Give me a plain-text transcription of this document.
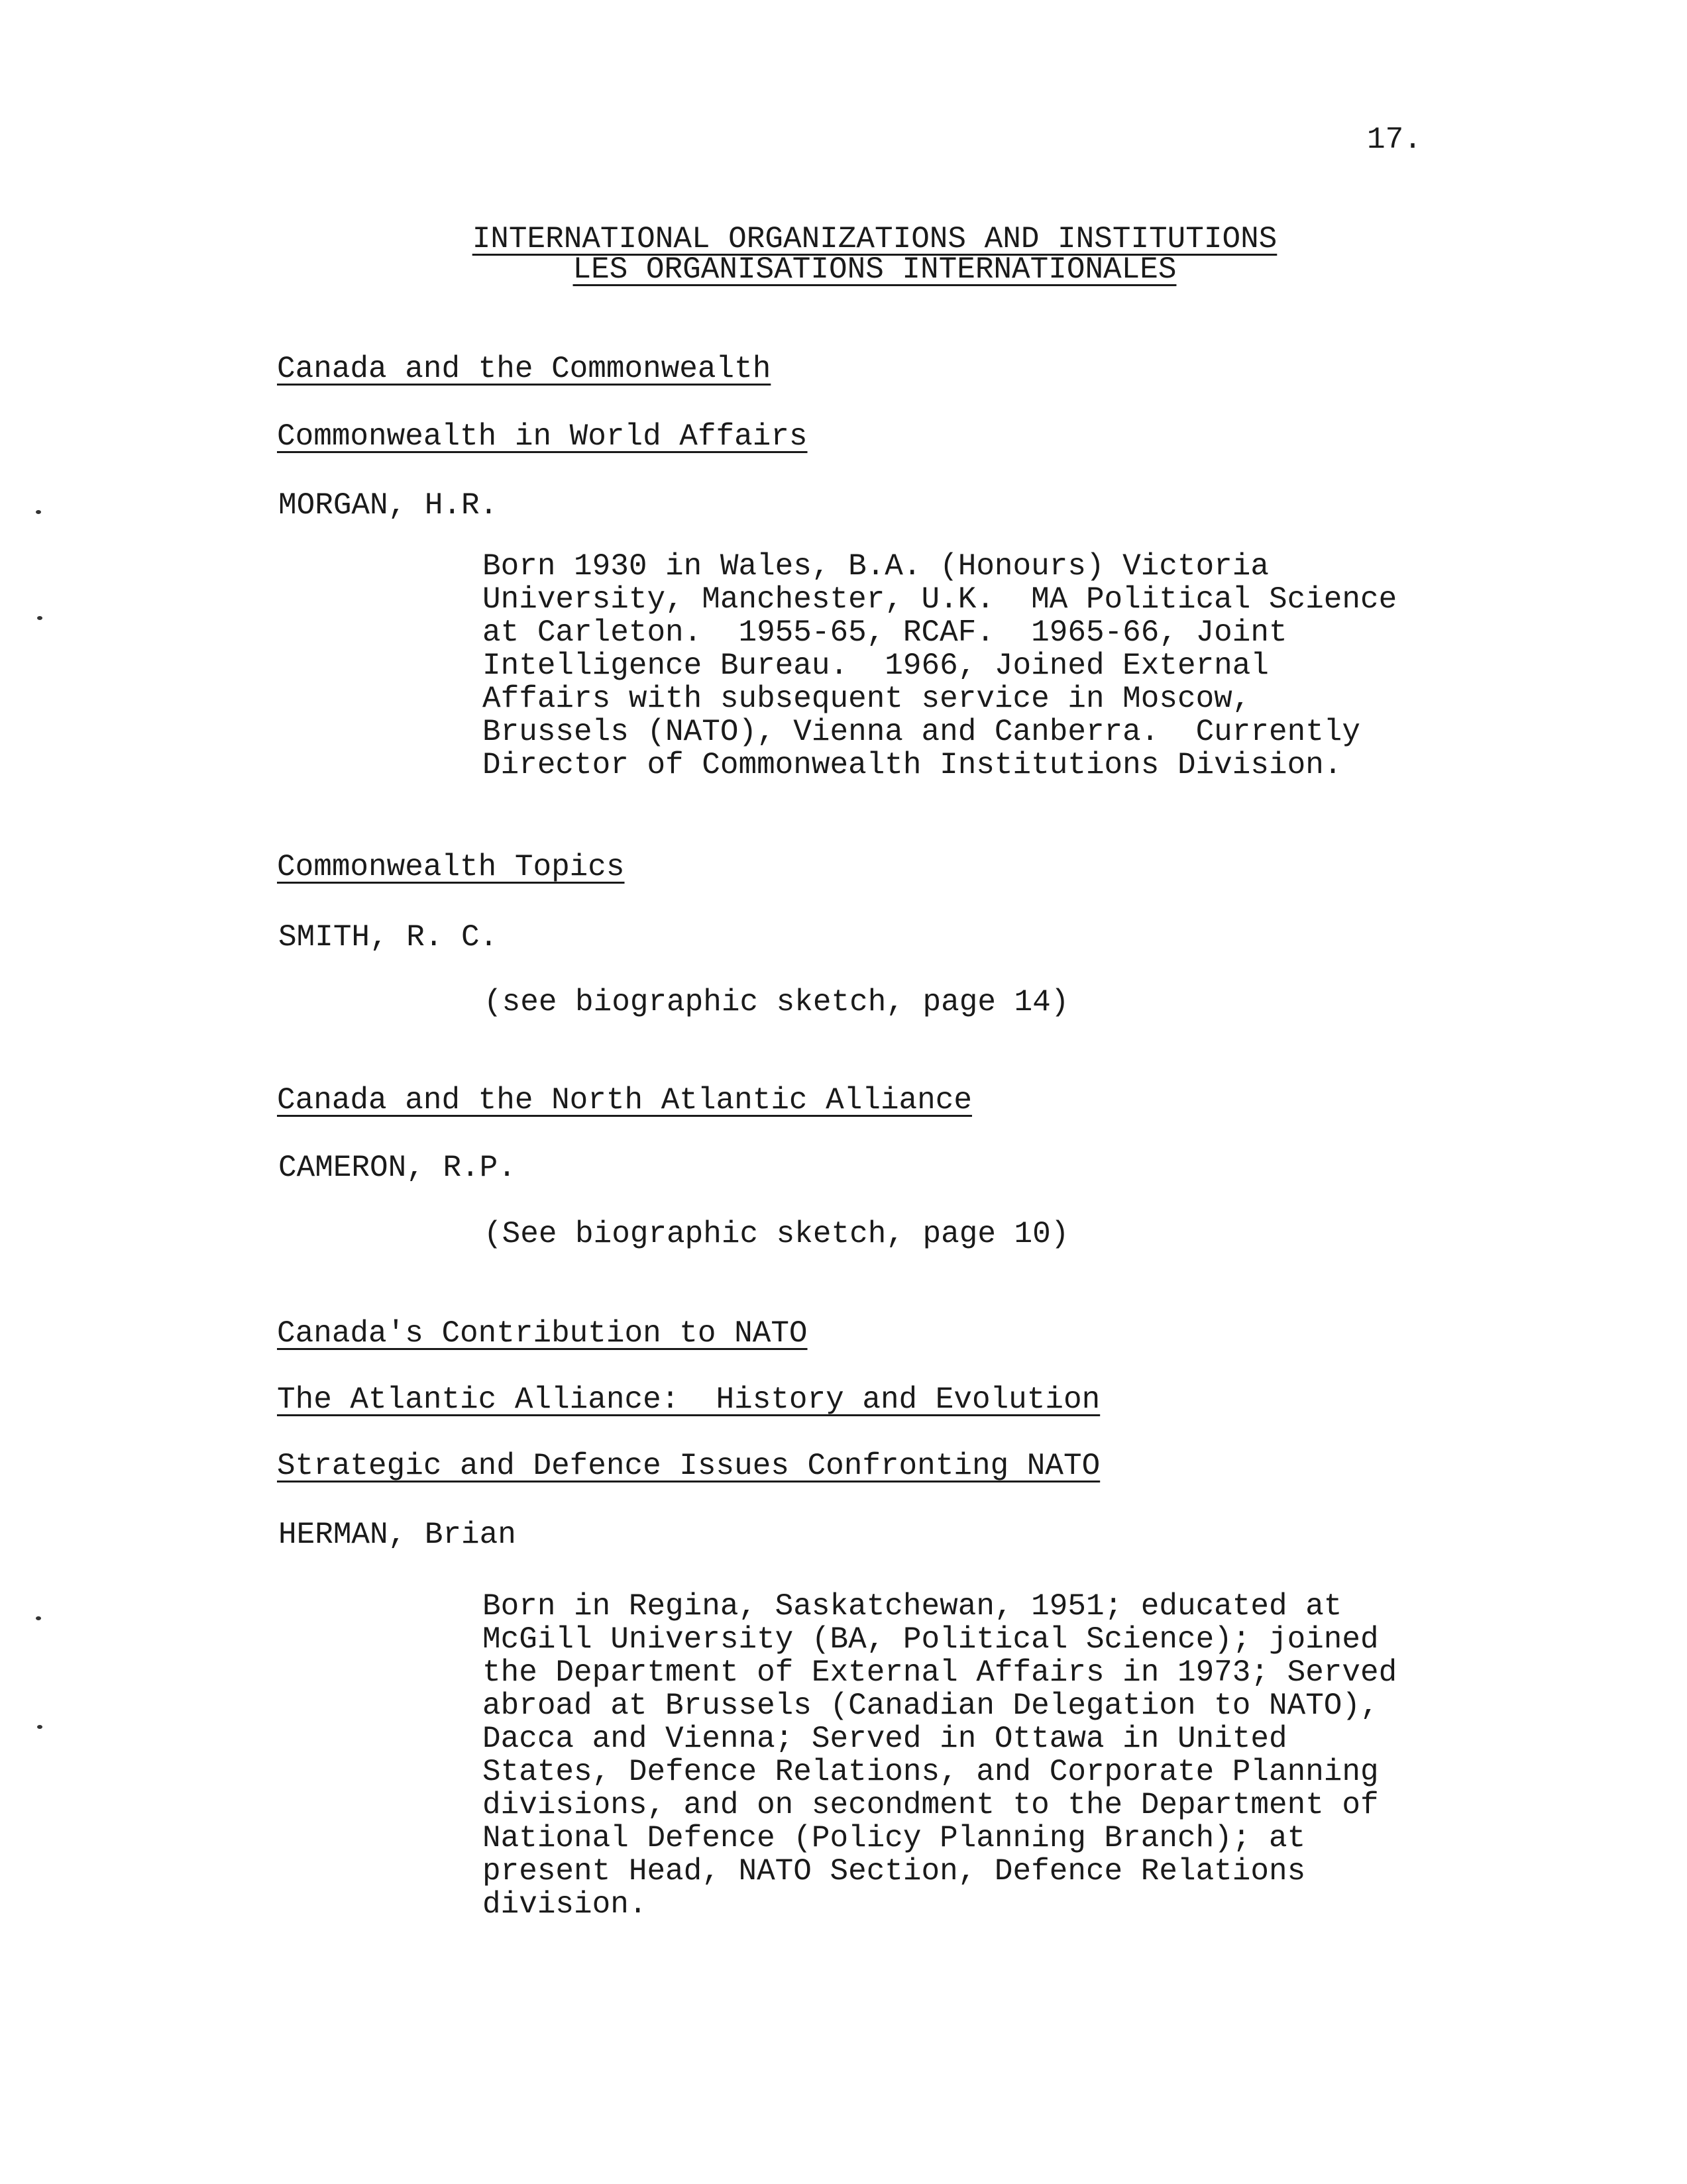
17.
INTERNATIONAL ORGANIZATIONS AND INSTITUTIONS
LES ORGANISATIONS INTERNATIONALES
Canada and the Commonwealth
Commonwealth in World Affairs
MORGAN, H.R.

Born 1930 in Wales, B.A. (Honours) Victoria

University, Manchester, U.K.  MA Political Science

at Carleton.  1955-65, RCAF.  1965-66, Joint

Intelligence Bureau.  1966, Joined External

Affairs with subsequent service in Moscow,

Brussels (NATO), Vienna and Canberra.  Currently

Director of Commonwealth Institutions Division.

Commonwealth Topics
SMITH, R. C.
(see biographic sketch, page 14)
Canada and the North Atlantic Alliance
CAMERON, R.P.
(See biographic sketch, page 10)
Canada's Contribution to NATO
The Atlantic Alliance:  History and Evolution
Strategic and Defence Issues Confronting NATO
HERMAN, Brian

Born in Regina, Saskatchewan, 1951; educated at

McGill University (BA, Political Science); joined

the Department of External Affairs in 1973; Served

abroad at Brussels (Canadian Delegation to NATO),

Dacca and Vienna; Served in Ottawa in United

States, Defence Relations, and Corporate Planning

divisions, and on secondment to the Department of

National Defence (Policy Planning Branch); at

present Head, NATO Section, Defence Relations

division.
